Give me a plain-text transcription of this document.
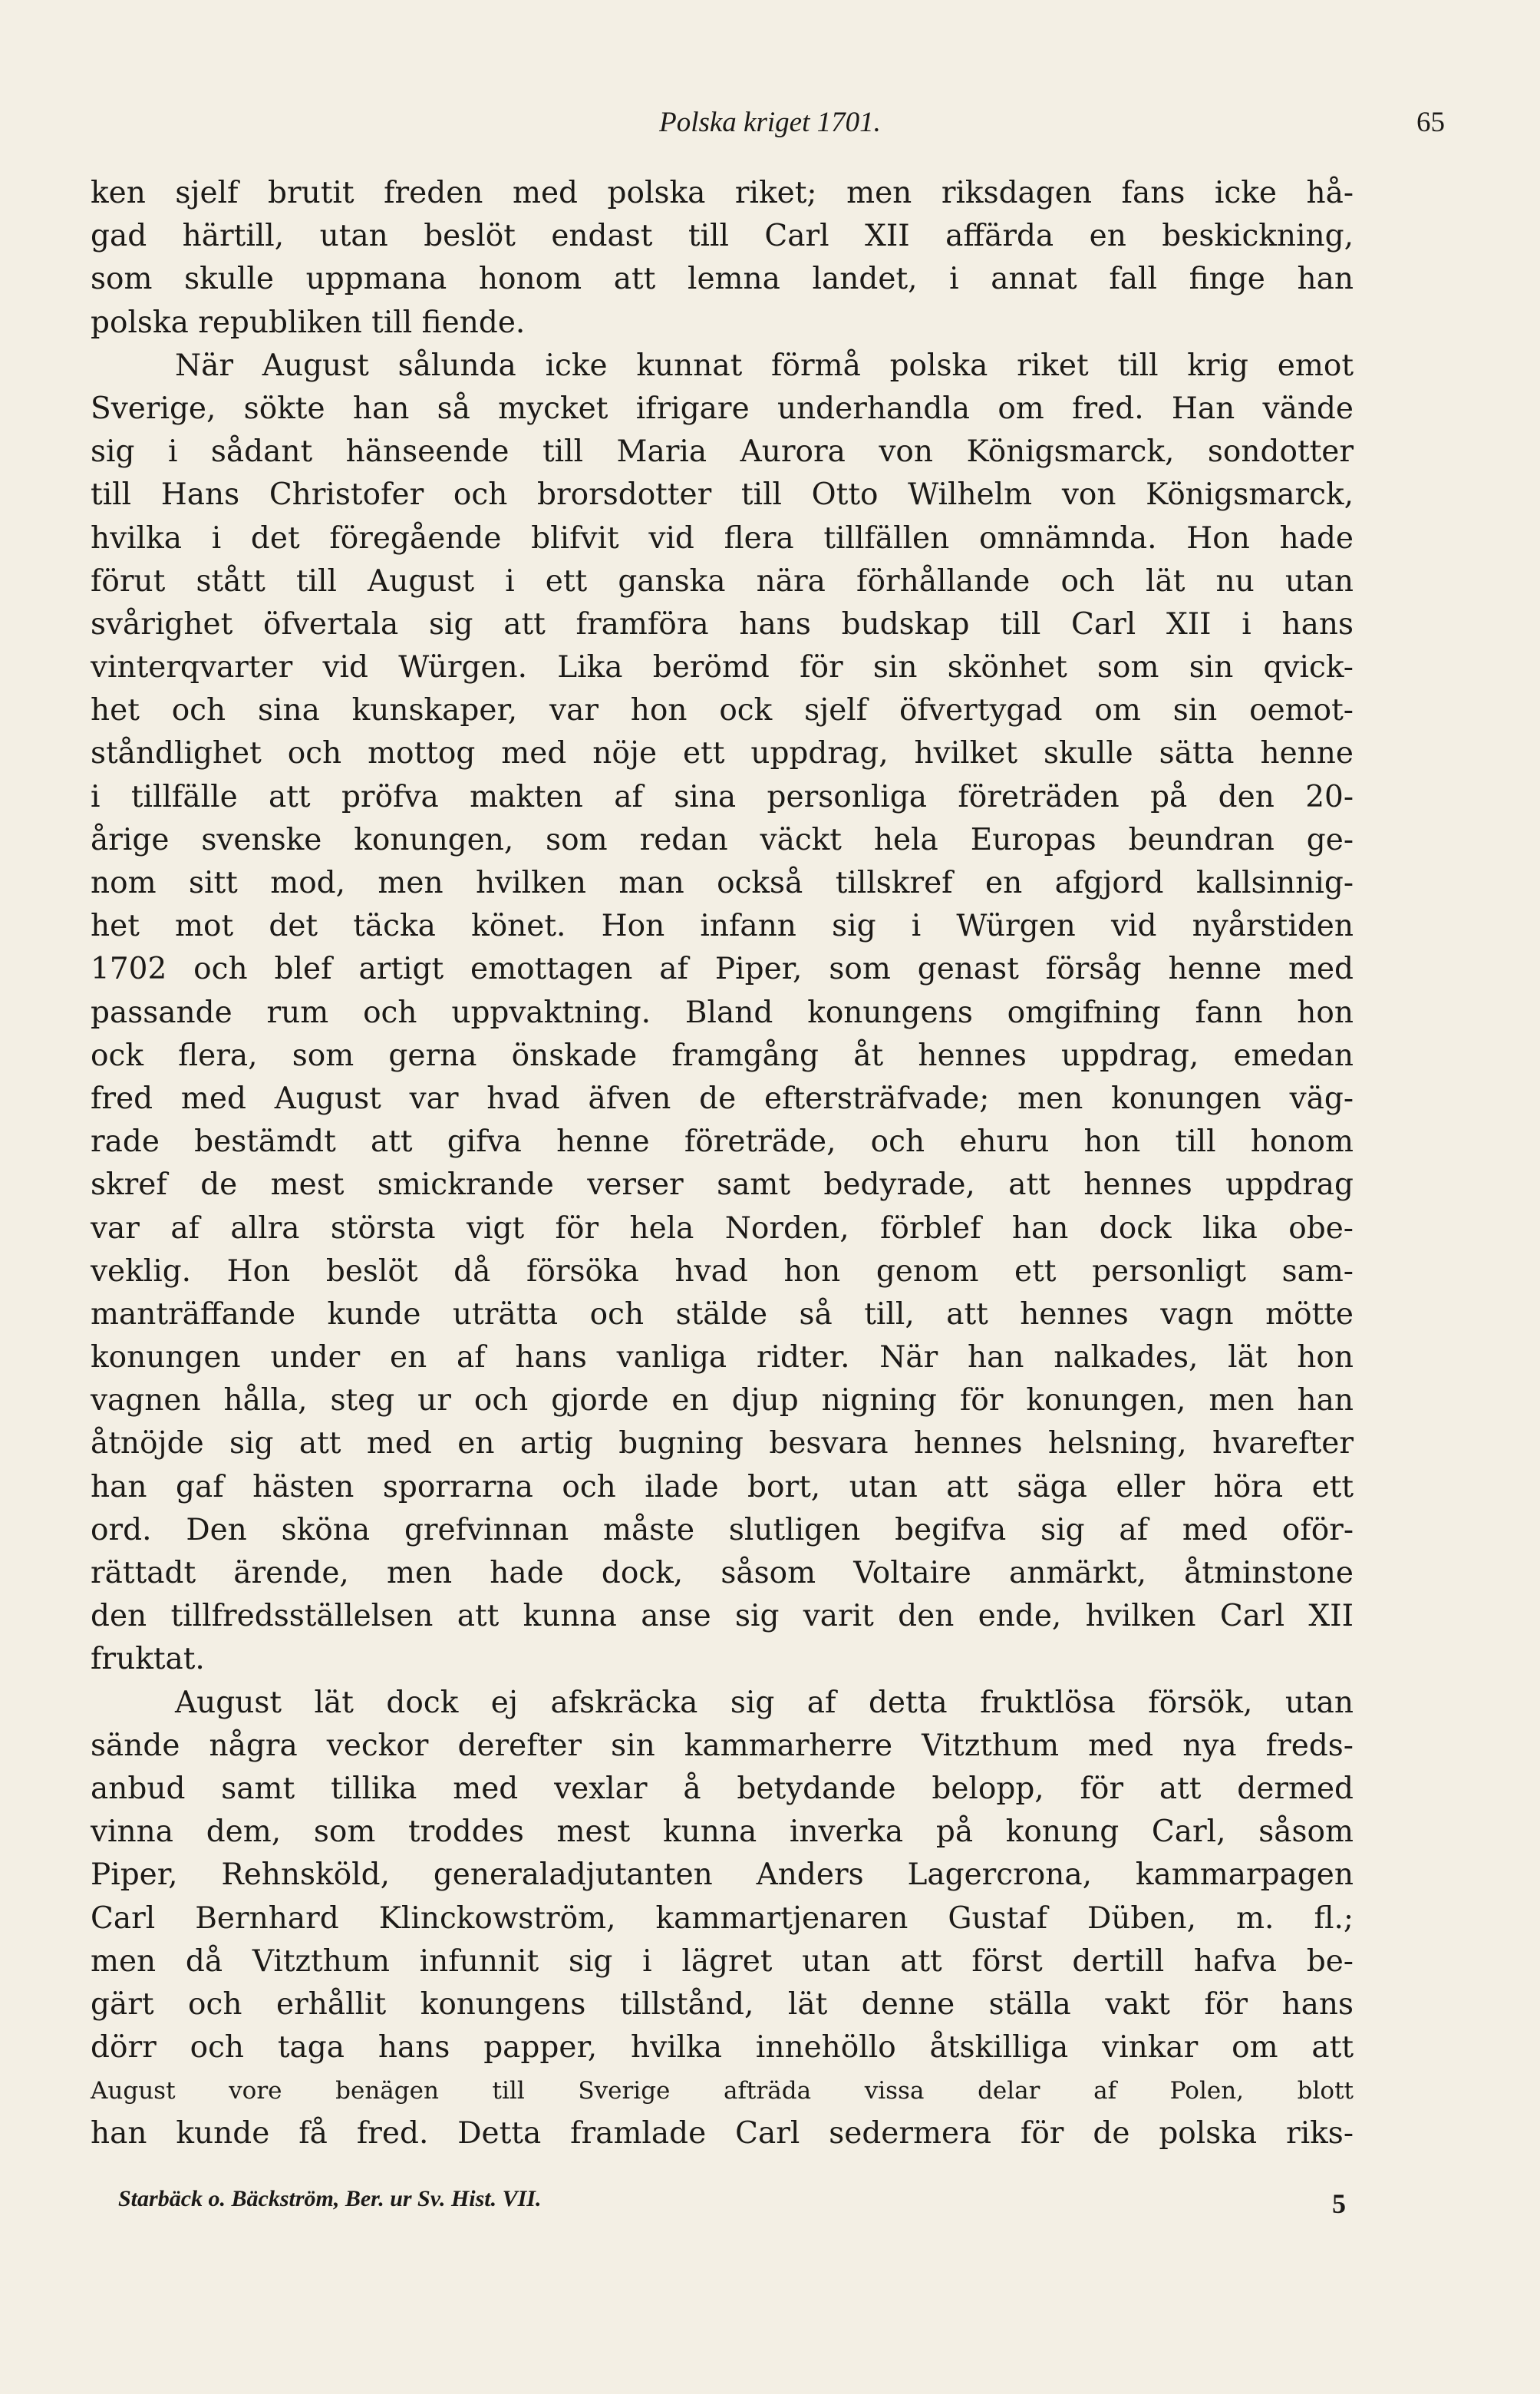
Polska kriget 1701.	65
ken sjelf brutit freden med polska riket; men riksdagen fans icke hå-
gad härtill, utan beslöt endast till Carl XII affärda en beskickning,
som skulle uppmana honom att lemna landet, i annat fall finge han
polska republiken till fiende.
När August sålunda icke kunnat förmå polska riket till krig emot
Sverige, sökte han så mycket ifrigare underhandla om fred. Han vände
sig i sådant hänseende till Maria Aurora von Königsmarck, sondotter
till Hans Christofer och brorsdotter till Otto Wilhelm von Königsmarck,
hvilka i det föregående blifvit vid flera tillfällen omnämnda. Hon hade
förut stått till August i ett ganska nära förhållande och lät nu utan
svårighet öfvertala sig att framföra hans budskap till Carl XII i hans
vinterqvarter vid Würgen. Lika berömd för sin skönhet som sin qvick-
het och sina kunskaper, var hon ock sjelf öfvertygad om sin oemot-
ståndlighet och mottog med nöje ett uppdrag, hvilket skulle sätta henne
i tillfälle att pröfva makten af sina personliga företräden på den 20-
årige svenske konungen, som redan väckt hela Europas beundran ge-
nom sitt mod, men hvilken man också tillskref en afgjord kallsinnig-
het mot det täcka könet. Hon infann sig i Würgen vid nyårstiden
1702 och blef artigt emottagen af Piper, som genast försåg henne med
passande rum och uppvaktning. Bland konungens omgifning fann hon
ock flera, som gerna önskade framgång åt hennes uppdrag, emedan
fred med August var hvad äfven de eftersträfvade; men konungen väg-
rade bestämdt att gifva henne företräde, och ehuru hon till honom
skref de mest smickrande verser samt bedyrade, att hennes uppdrag
var af allra största vigt för hela Norden, förblef han dock lika obe-
veklig. Hon beslöt då försöka hvad hon genom ett personligt sam-
manträffande kunde uträtta och stälde så till, att hennes vagn mötte
konungen under en af hans vanliga ridter. När han nalkades, lät hon
vagnen hålla, steg ur och gjorde en djup nigning för konungen, men han
åtnöjde sig att med en artig bugning besvara hennes helsning, hvarefter
han gaf hästen sporrarna och ilade bort, utan att säga eller höra ett
ord. Den sköna grefvinnan måste slutligen begifva sig af med oför-
rättadt ärende, men hade dock, såsom Voltaire anmärkt, åtminstone
den tillfredsställelsen att kunna anse sig varit den ende, hvilken Carl XII
fruktat.
August lät dock ej afskräcka sig af detta fruktlösa försök, utan
sände några veckor derefter sin kammarherre Vitzthum med nya freds-
anbud samt tillika med vexlar å betydande belopp, för att dermed
vinna dem, som troddes mest kunna inverka på konung Carl, såsom
Piper, Rehnsköld, generaladjutanten Anders Lagercrona, kammarpagen
Carl Bernhard Klinckowström, kammartjenaren Gustaf Düben, m. fl.;
men då Vitzthum infunnit sig i lägret utan att först dertill hafva be-
gärt och erhållit konungens tillstånd, lät denne ställa vakt för hans
dörr och taga hans papper, hvilka innehöllo åtskilliga vinkar om att
August vore benägen till Sverige afträda vissa delar af Polen, blott
han kunde få fred. Detta framlade Carl sedermera för de polska riks-
Starbäck o. Bäckström, Ber. ur Sv. Hist. VII.	5
